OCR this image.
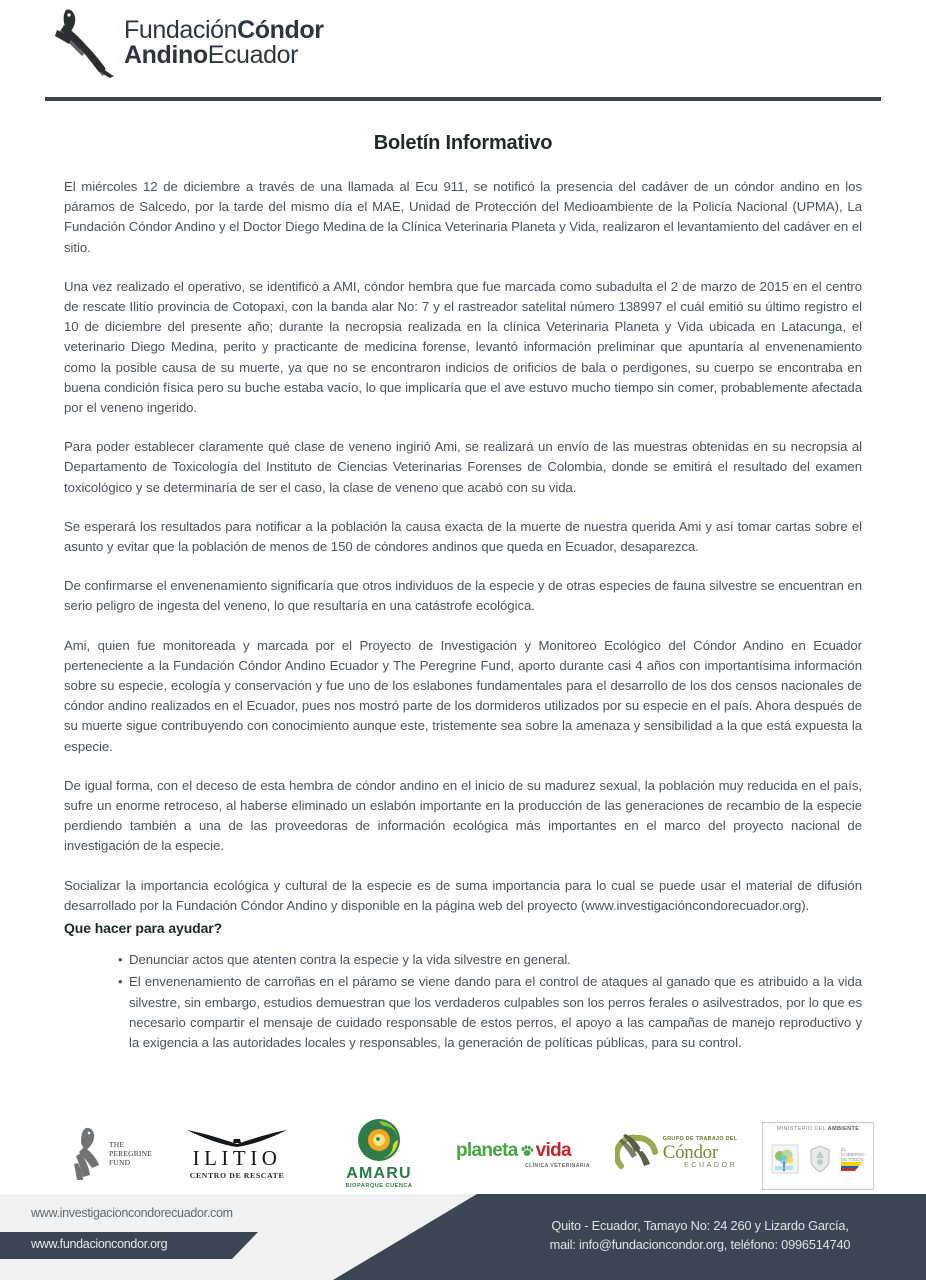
FundaciónCóndor
AndinoEcuador
Boletín Informativo

El miércoles 12 de diciembre a través de una llamada al Ecu 911, se notificó la presencia del cadáver de un cóndor andino en los páramos de Salcedo, por la tarde del mismo día el MAE, Unidad de Protección del Medioambiente de la Policía Nacional (UPMA), La Fundación Cóndor Andino y el Doctor Diego Medina de la Clínica Veterinaria Planeta y Vida, realizaron el levantamiento del cadáver en el sitio.

Una vez realizado el operativo, se identificó a AMI, cóndor hembra que fue marcada como subadulta el 2 de marzo de 2015 en el centro de rescate Ilitío provincia de Cotopaxi, con la banda alar No: 7 y el rastreador satelital número 138997 el cuál emitió su último registro el 10 de diciembre del presente año; durante la necropsia realizada en la clínica Veterinaria Planeta y Vida ubicada en Latacunga, el veterinario Diego Medina, perito y practicante de medicina forense, levantó información preliminar que apuntaría al envenenamiento como la posible causa de su muerte, ya que no se encontraron indicios de orificios de bala o perdigones, su cuerpo se encontraba en buena condición física pero su buche estaba vacío, lo que implicaría que el ave estuvo mucho tiempo sin comer, probablemente afectada por el veneno ingerido.

Para poder establecer claramente qué clase de veneno ingirió Ami, se realizará un envío de las muestras obtenidas en su necropsia al Departamento de Toxicología del Instituto de Ciencias Veterinarias Forenses de Colombia, donde se emitirá el resultado del examen toxicológico y se determinaría de ser el caso, la clase de veneno que acabó con su vida.

Se esperará los resultados para notificar a la población la causa exacta de la muerte de nuestra querida Ami y así tomar cartas sobre el asunto y evitar que la población de menos de 150 de cóndores andinos que queda en Ecuador, desaparezca.

De confirmarse el envenenamiento significaría que otros individuos de la especie y de otras especies de fauna silvestre se encuentran en serio peligro de ingesta del veneno, lo que resultaría en una catástrofe ecológica.

Ami, quien fue monitoreada y marcada por el Proyecto de Investigación y Monitoreo Ecológico del Cóndor Andino en Ecuador perteneciente a la Fundación Cóndor Andino Ecuador y The Peregrine Fund, aporto durante casi 4 años con importantísima información sobre su especie, ecología y conservación y fue uno de los eslabones fundamentales para el desarrollo de los dos censos nacionales de cóndor andino realizados en el Ecuador, pues nos mostró parte de los dormideros utilizados por su especie en el país. Ahora después de su muerte sigue contribuyendo con conocimiento aunque este, tristemente sea sobre la amenaza y sensibilidad a la que está expuesta la especie.

De igual forma, con el deceso de esta hembra de cóndor andino en el inicio de su madurez sexual, la población muy reducida en el país, sufre un enorme retroceso, al haberse eliminado un eslabón importante en la producción de las generaciones de recambio de la especie perdiendo también a una de las proveedoras de información ecológica más importantes en el marco del proyecto nacional de investigación de la especie.

Socializar la importancia ecológica y cultural de la especie es de suma importancia para lo cual se puede usar el material de difusión desarrollado por la Fundación Cóndor Andino y disponible en la página web del proyecto (www.investigacióncondorecuador.org).

Que hacer para ayudar?
• Denunciar actos que atenten contra la especie y la vida silvestre en general.
• El envenenamiento de carroñas en el páramo se viene dando para el control de ataques al ganado que es atribuido a la vida silvestre, sin embargo, estudios demuestran que los verdaderos culpables son los perros ferales o asilvestrados, por lo que es necesario compartir el mensaje de cuidado responsable de estos perros, el apoyo a las campañas de manejo reproductivo y la exigencia a las autoridades locales y responsables, la generación de políticas públicas, para su control.
THE
PEREGRINE
FUND	ILITIO
CENTRO DE RESCATE	AMARU
BIOPARQUE CUENCA
planeta vida
CLÍNICA VETERINARIA
GRUPO DE TRABAJO DEL
Cóndor
ECUADOR
MINISTERIO DEL AMBIENTE
EL
GOBIERNO
DE TODOS
www.investigacioncondorecuador.com
www.fundacioncondor.org
Quito - Ecuador, Tamayo No: 24 260 y Lizardo García,
mail: info@fundacioncondor.org, teléfono: 0996514740
